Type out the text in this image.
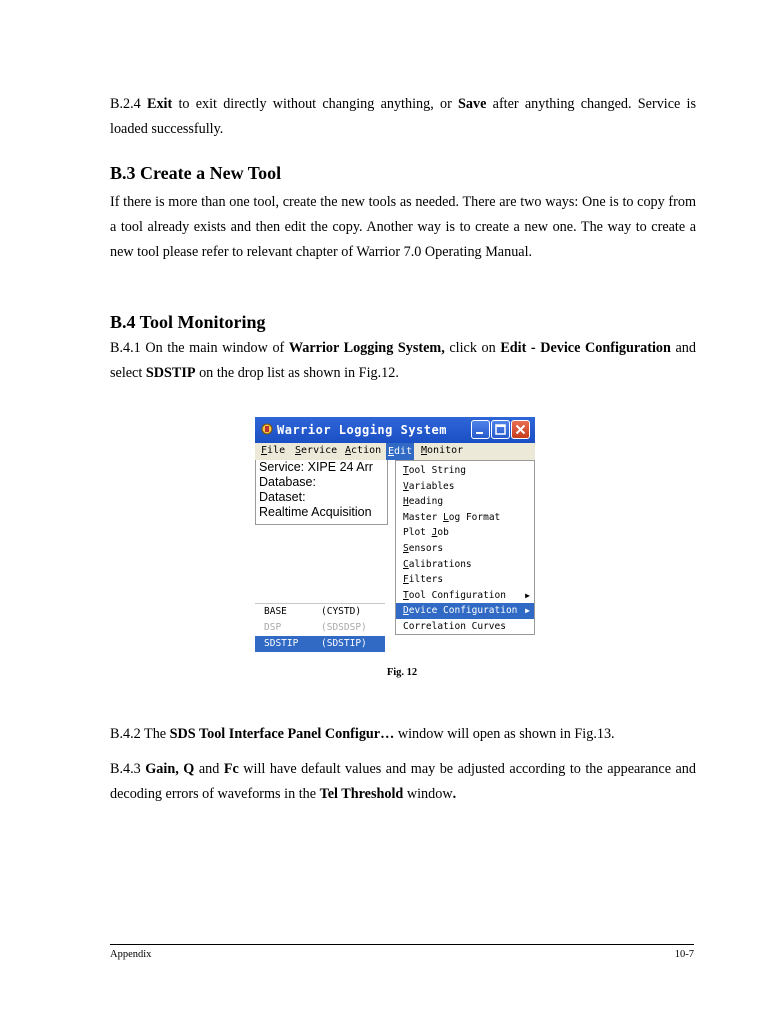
B.2.4 Exit to exit directly without changing anything, or Save after anything changed. Service is loaded successfully.

B.3 Create a New Tool

If there is more than one tool, create the new tools as needed. There are two ways: One is to copy from a tool already exists and then edit the copy. Another way is to create a new one. The way to create a new tool please refer to relevant chapter of Warrior 7.0 Operating Manual.

B.4 Tool Monitoring

B.4.1 On the main window of Warrior Logging System, click on Edit - Device Configuration and select SDSTIP on the drop list as shown in Fig.12.

Warrior Logging System
File Service Action Edit Monitor
Service: XIPE 24 Arr
Database:
Dataset:
Realtime Acquisition
Tool String
Variables
Heading
Master Log Format
Plot Job
Sensors
Calibrations
Filters
Tool Configuration ▶
Device Configuration ▶
Correlation Curves
BASE	(CYSTD)
DSP	(SDSDSP)
SDSTIP (SDSTIP)
Fig. 12

B.4.2 The SDS Tool Interface Panel Configur… window will open as shown in Fig.13.

B.4.3 Gain, Q and Fc will have default values and may be adjusted according to the appearance and decoding errors of waveforms in the Tel Threshold window.

Appendix	10-7
